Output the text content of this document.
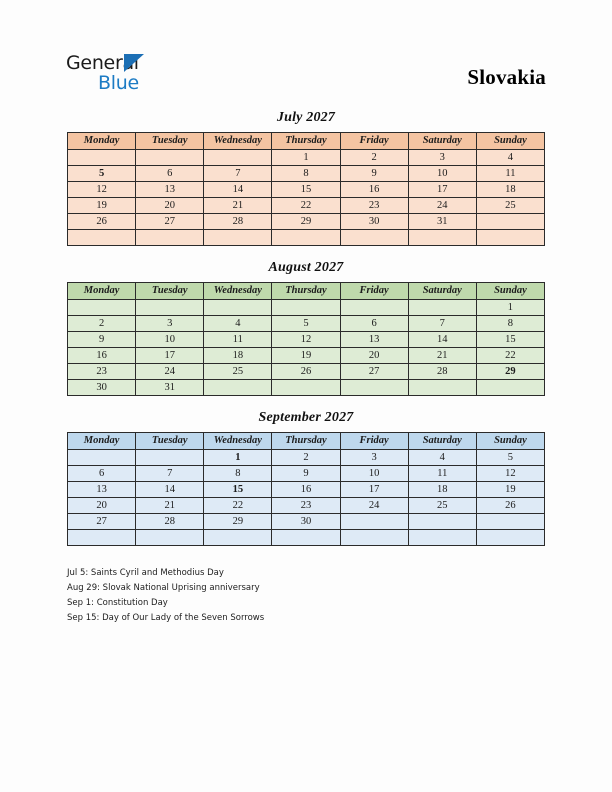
General
Blue	Slovakia
July 2027
Monday	Tuesday	Wednesday	Thursday	Friday	Saturday	Sunday
			1	2	3	4
5	6	7	8	9	10	11
12	13	14	15	16	17	18
19	20	21	22	23	24	25
26	27	28	29	30	31	

August 2027
Monday	Tuesday	Wednesday	Thursday	Friday	Saturday	Sunday
						1
2	3	4	5	6	7	8
9	10	11	12	13	14	15
16	17	18	19	20	21	22
23	24	25	26	27	28	29
30	31					
September 2027
Monday	Tuesday	Wednesday	Thursday	Friday	Saturday	Sunday
		1	2	3	4	5
6	7	8	9	10	11	12
13	14	15	16	17	18	19
20	21	22	23	24	25	26
27	28	29	30			

Jul 5: Saints Cyril and Methodius Day
Aug 29: Slovak National Uprising anniversary
Sep 1: Constitution Day
Sep 15: Day of Our Lady of the Seven Sorrows
